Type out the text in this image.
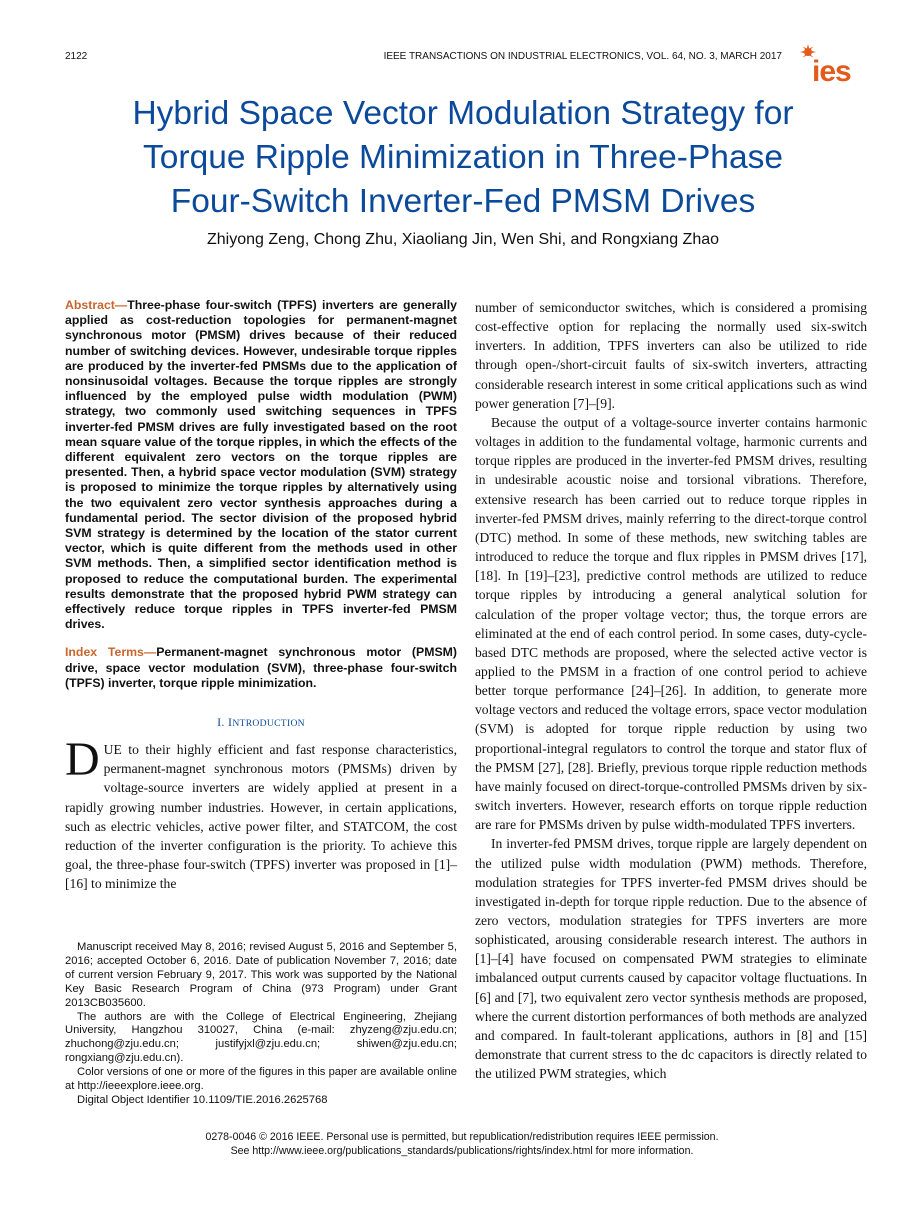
2122	IEEE TRANSACTIONS ON INDUSTRIAL ELECTRONICS, VOL. 64, NO. 3, MARCH 2017 ies
Hybrid Space Vector Modulation Strategy for
Torque Ripple Minimization in Three-Phase
Four-Switch Inverter-Fed PMSM Drives
Zhiyong Zeng, Chong Zhu, Xiaoliang Jin, Wen Shi, and Rongxiang Zhao

Abstract—Three-phase four-switch (TPFS) inverters are generally applied as cost-reduction topologies for permanent-magnet synchronous motor (PMSM) drives because of their reduced number of switching devices. However, undesirable torque ripples are produced by the inverter-fed PMSMs due to the application of nonsinusoidal voltages. Because the torque ripples are strongly influenced by the employed pulse width modulation (PWM) strategy, two commonly used switching sequences in TPFS inverter-fed PMSM drives are fully investigated based on the root mean square value of the torque ripples, in which the effects of the different equivalent zero vectors on the torque ripples are presented. Then, a hybrid space vector modulation (SVM) strategy is proposed to minimize the torque ripples by alternatively using the two equivalent zero vector synthesis approaches during a fundamental period. The sector division of the proposed hybrid SVM strategy is determined by the location of the stator current vector, which is quite different from the methods used in other SVM methods. Then, a simplified sector identification method is proposed to reduce the computational burden. The experimental results demonstrate that the proposed hybrid PWM strategy can effectively reduce torque ripples in TPFS inverter-fed PMSM drives.

Index Terms—Permanent-magnet synchronous motor (PMSM) drive, space vector modulation (SVM), three-phase four-switch (TPFS) inverter, torque ripple minimization.

I. INTRODUCTION

DUE to their highly efficient and fast response characteristics, permanent-magnet synchronous motors (PMSMs) driven by voltage-source inverters are widely applied at present in a rapidly growing number industries. However, in certain applications, such as electric vehicles, active power filter, and STATCOM, the cost reduction of the inverter configuration is the priority. To achieve this goal, the three-phase four-switch (TPFS) inverter was proposed in [1]–[16] to minimize the

Manuscript received May 8, 2016; revised August 5, 2016 and September 5, 2016; accepted October 6, 2016. Date of publication November 7, 2016; date of current version February 9, 2017. This work was supported by the National Key Basic Research Program of China (973 Program) under Grant 2013CB035600.

The authors are with the College of Electrical Engineering, Zhejiang University, Hangzhou 310027, China (e-mail: zhyzeng@zju.edu.cn; zhuchong@zju.edu.cn; justifyjxl@zju.edu.cn; shiwen@zju.edu.cn; rongxiang@zju.edu.cn).

Color versions of one or more of the figures in this paper are available online at http://ieeexplore.ieee.org.

Digital Object Identifier 10.1109/TIE.2016.2625768

number of semiconductor switches, which is considered a promising cost-effective option for replacing the normally used six-switch inverters. In addition, TPFS inverters can also be utilized to ride through open-/short-circuit faults of six-switch inverters, attracting considerable research interest in some critical applications such as wind power generation [7]–[9].

Because the output of a voltage-source inverter contains harmonic voltages in addition to the fundamental voltage, harmonic currents and torque ripples are produced in the inverter-fed PMSM drives, resulting in undesirable acoustic noise and torsional vibrations. Therefore, extensive research has been carried out to reduce torque ripples in inverter-fed PMSM drives, mainly referring to the direct-torque control (DTC) method. In some of these methods, new switching tables are introduced to reduce the torque and flux ripples in PMSM drives [17], [18]. In [19]–[23], predictive control methods are utilized to reduce torque ripples by introducing a general analytical solution for calculation of the proper voltage vector; thus, the torque errors are eliminated at the end of each control period. In some cases, duty-cycle-based DTC methods are proposed, where the selected active vector is applied to the PMSM in a fraction of one control period to achieve better torque performance [24]–[26]. In addition, to generate more voltage vectors and reduced the voltage errors, space vector modulation (SVM) is adopted for torque ripple reduction by using two proportional-integral regulators to control the torque and stator flux of the PMSM [27], [28]. Briefly, previous torque ripple reduction methods have mainly focused on direct-torque-controlled PMSMs driven by six-switch inverters. However, research efforts on torque ripple reduction are rare for PMSMs driven by pulse width-modulated TPFS inverters.

In inverter-fed PMSM drives, torque ripple are largely dependent on the utilized pulse width modulation (PWM) methods. Therefore, modulation strategies for TPFS inverter-fed PMSM drives should be investigated in-depth for torque ripple reduction. Due to the absence of zero vectors, modulation strategies for TPFS inverters are more sophisticated, arousing considerable research interest. The authors in [1]–[4] have focused on compensated PWM strategies to eliminate imbalanced output currents caused by capacitor voltage fluctuations. In [6] and [7], two equivalent zero vector synthesis methods are proposed, where the current distortion performances of both methods are analyzed and compared. In fault-tolerant applications, authors in [8] and [15] demonstrate that current stress to the dc capacitors is directly related to the utilized PWM strategies, which

0278-0046 © 2016 IEEE. Personal use is permitted, but republication/redistribution requires IEEE permission.
See http://www.ieee.org/publications_standards/publications/rights/index.html for more information.
